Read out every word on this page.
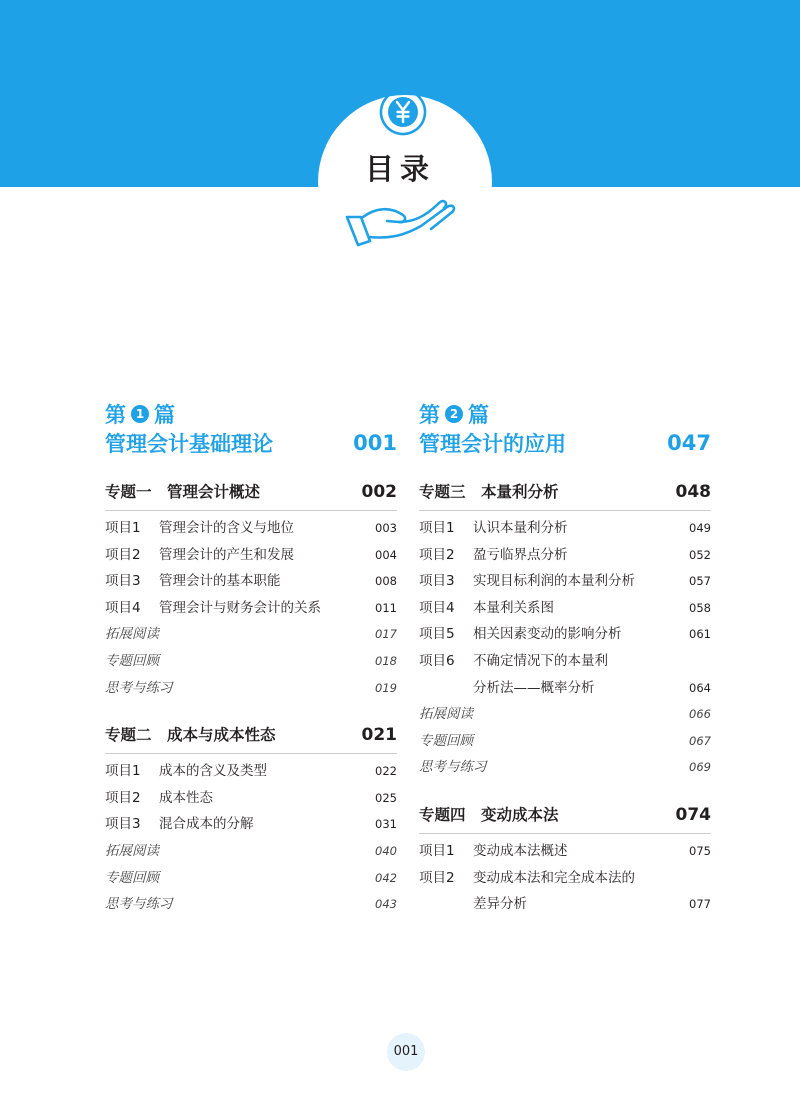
目录
第 1 篇
管理会计基础理论	001
专题一　管理会计概述	002
项目1	管理会计的含义与地位	003
项目2	管理会计的产生和发展	004
项目3	管理会计的基本职能	008
项目4	管理会计与财务会计的关系	011
拓展阅读	017
专题回顾	018
思考与练习	019
专题二　成本与成本性态	021
项目1	成本的含义及类型	022
项目2	成本性态	025
项目3	混合成本的分解	031
拓展阅读	040
专题回顾	042
思考与练习	043
第 2 篇
管理会计的应用	047
专题三　本量利分析	048
项目1	认识本量利分析	049
项目2	盈亏临界点分析	052
项目3	实现目标利润的本量利分析	057
项目4	本量利关系图	058
项目5	相关因素变动的影响分析	061
项目6	不确定情况下的本量利
分析法——概率分析	064
拓展阅读	066
专题回顾	067
思考与练习	069
专题四　变动成本法	074
项目1	变动成本法概述	075
项目2	变动成本法和完全成本法的
差异分析	077
001
